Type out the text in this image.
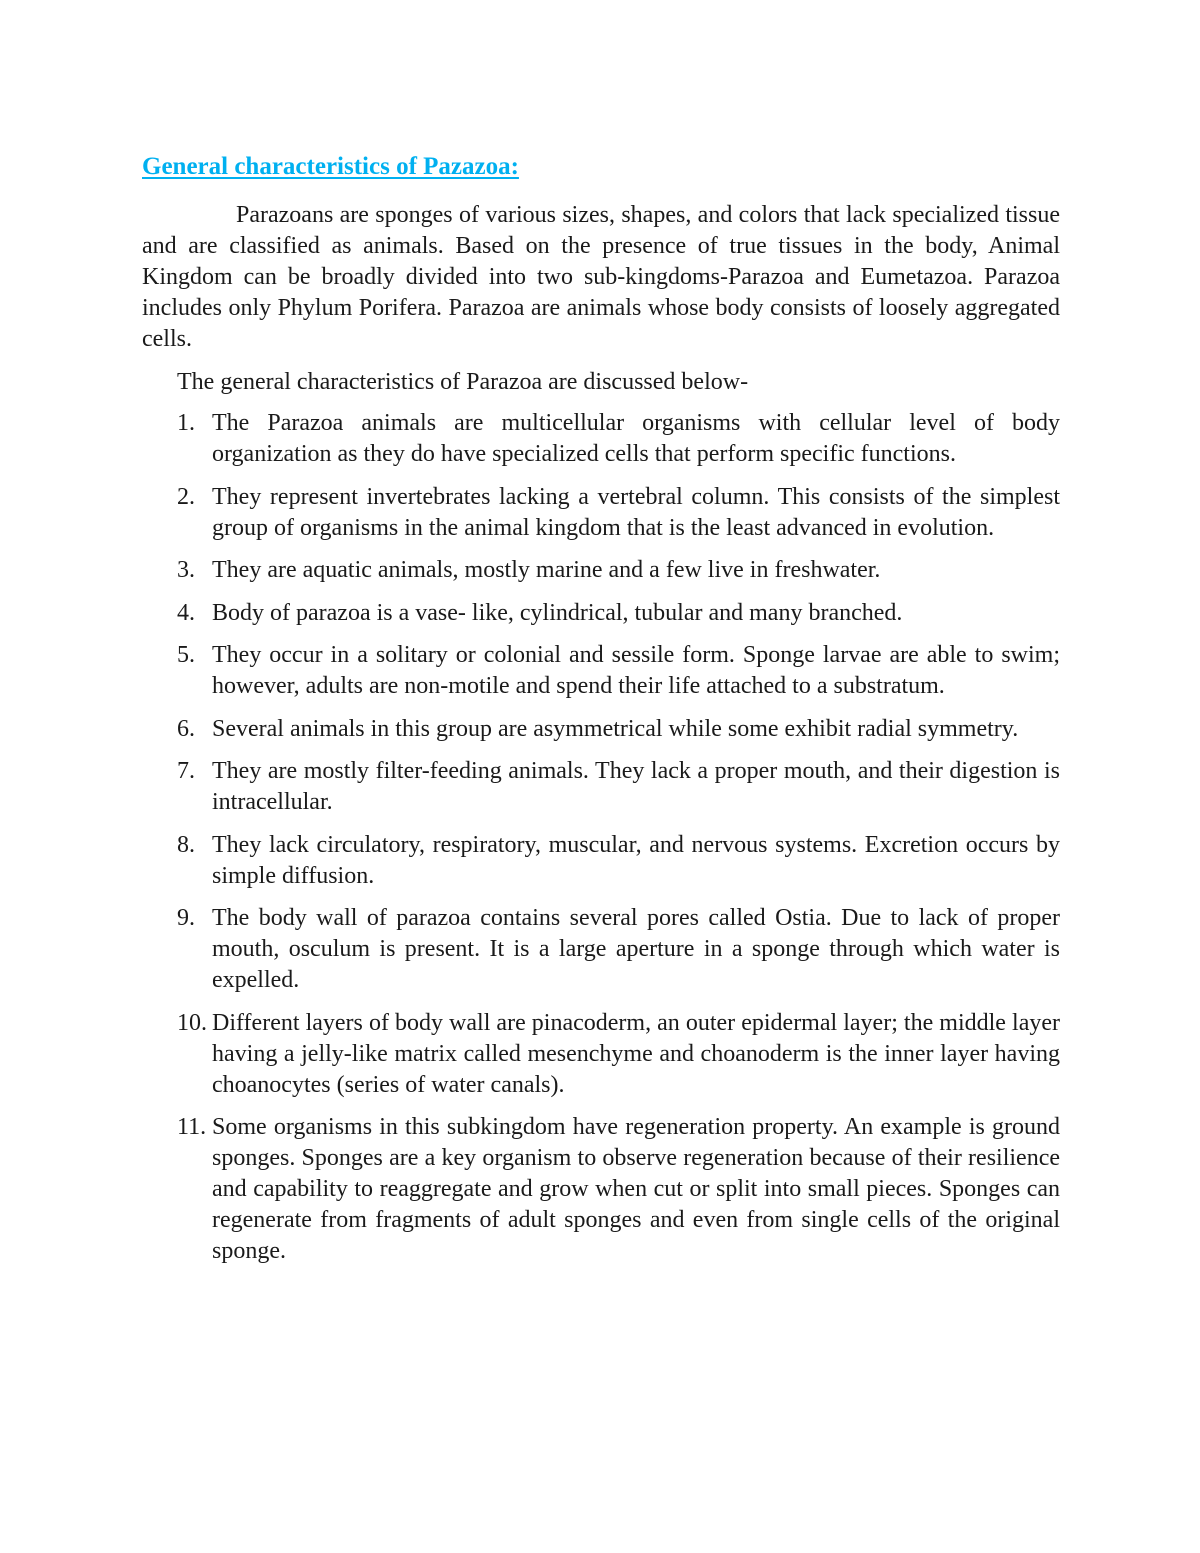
General characteristics of Pazazoa:

Parazoans are sponges of various sizes, shapes, and colors that lack specialized tissue and are classified as animals. Based on the presence of true tissues in the body, Animal Kingdom can be broadly divided into two sub-kingdoms-Parazoa and Eumetazoa. Parazoa includes only Phylum Porifera. Parazoa are animals whose body consists of loosely aggregated cells.

The general characteristics of Parazoa are discussed below-

1. The Parazoa animals are multicellular organisms with cellular level of body organization as they do have specialized cells that perform specific functions.
2. They represent invertebrates lacking a vertebral column. This consists of the simplest group of organisms in the animal kingdom that is the least advanced in evolution.
3. They are aquatic animals, mostly marine and a few live in freshwater.
4. Body of parazoa is a vase- like, cylindrical, tubular and many branched.
5. They occur in a solitary or colonial and sessile form. Sponge larvae are able to swim; however, adults are non-motile and spend their life attached to a substratum.
6. Several animals in this group are asymmetrical while some exhibit radial symmetry.
7. They are mostly filter-feeding animals. They lack a proper mouth, and their digestion is intracellular.
8. They lack circulatory, respiratory, muscular, and nervous systems. Excretion occurs by simple diffusion.
9. The body wall of parazoa contains several pores called Ostia. Due to lack of proper mouth, osculum is present. It is a large aperture in a sponge through which water is expelled.
10. Different layers of body wall are pinacoderm, an outer epidermal layer; the middle layer having a jelly-like matrix called mesenchyme and choanoderm is the inner layer having choanocytes (series of water canals).
11. Some organisms in this subkingdom have regeneration property. An example is ground sponges. Sponges are a key organism to observe regeneration because of their resilience and capability to reaggregate and grow when cut or split into small pieces. Sponges can regenerate from fragments of adult sponges and even from single cells of the original sponge.
